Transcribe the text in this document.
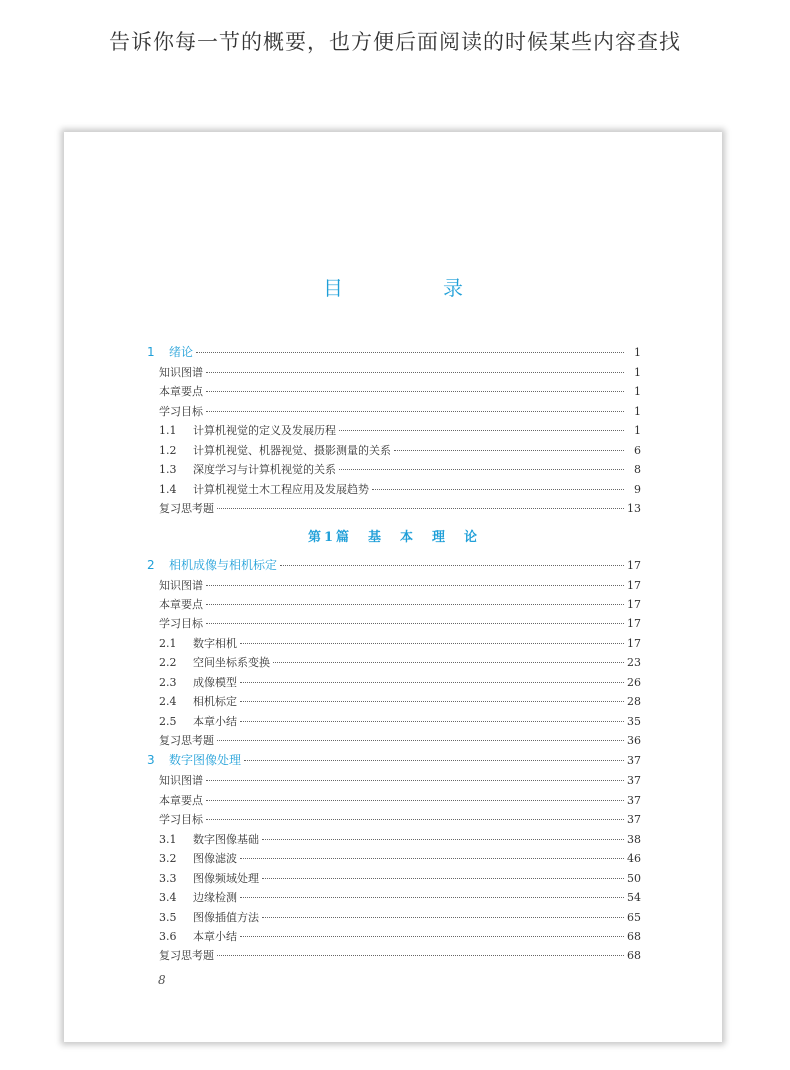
告诉你每一节的概要，也方便后面阅读的时候某些内容查找
目　录
1 绪论	1
知识图谱	1
本章要点	1
学习目标	1
1.1 计算机视觉的定义及发展历程	1
1.2 计算机视觉、机器视觉、摄影测量的关系	6
1.3 深度学习与计算机视觉的关系	8
1.4 计算机视觉土木工程应用及发展趋势	9
复习思考题	13
第1篇　基　本　理　论
2 相机成像与相机标定	17
知识图谱	17
本章要点	17
学习目标	17
2.1 数字相机	17
2.2 空间坐标系变换	23
2.3 成像模型	26
2.4 相机标定	28
2.5 本章小结	35
复习思考题	36
3 数字图像处理	37
知识图谱	37
本章要点	37
学习目标	37
3.1 数字图像基础	38
3.2 图像滤波	46
3.3 图像频域处理	50
3.4 边缘检测	54
3.5 图像插值方法	65
3.6 本章小结	68
复习思考题	68
8
